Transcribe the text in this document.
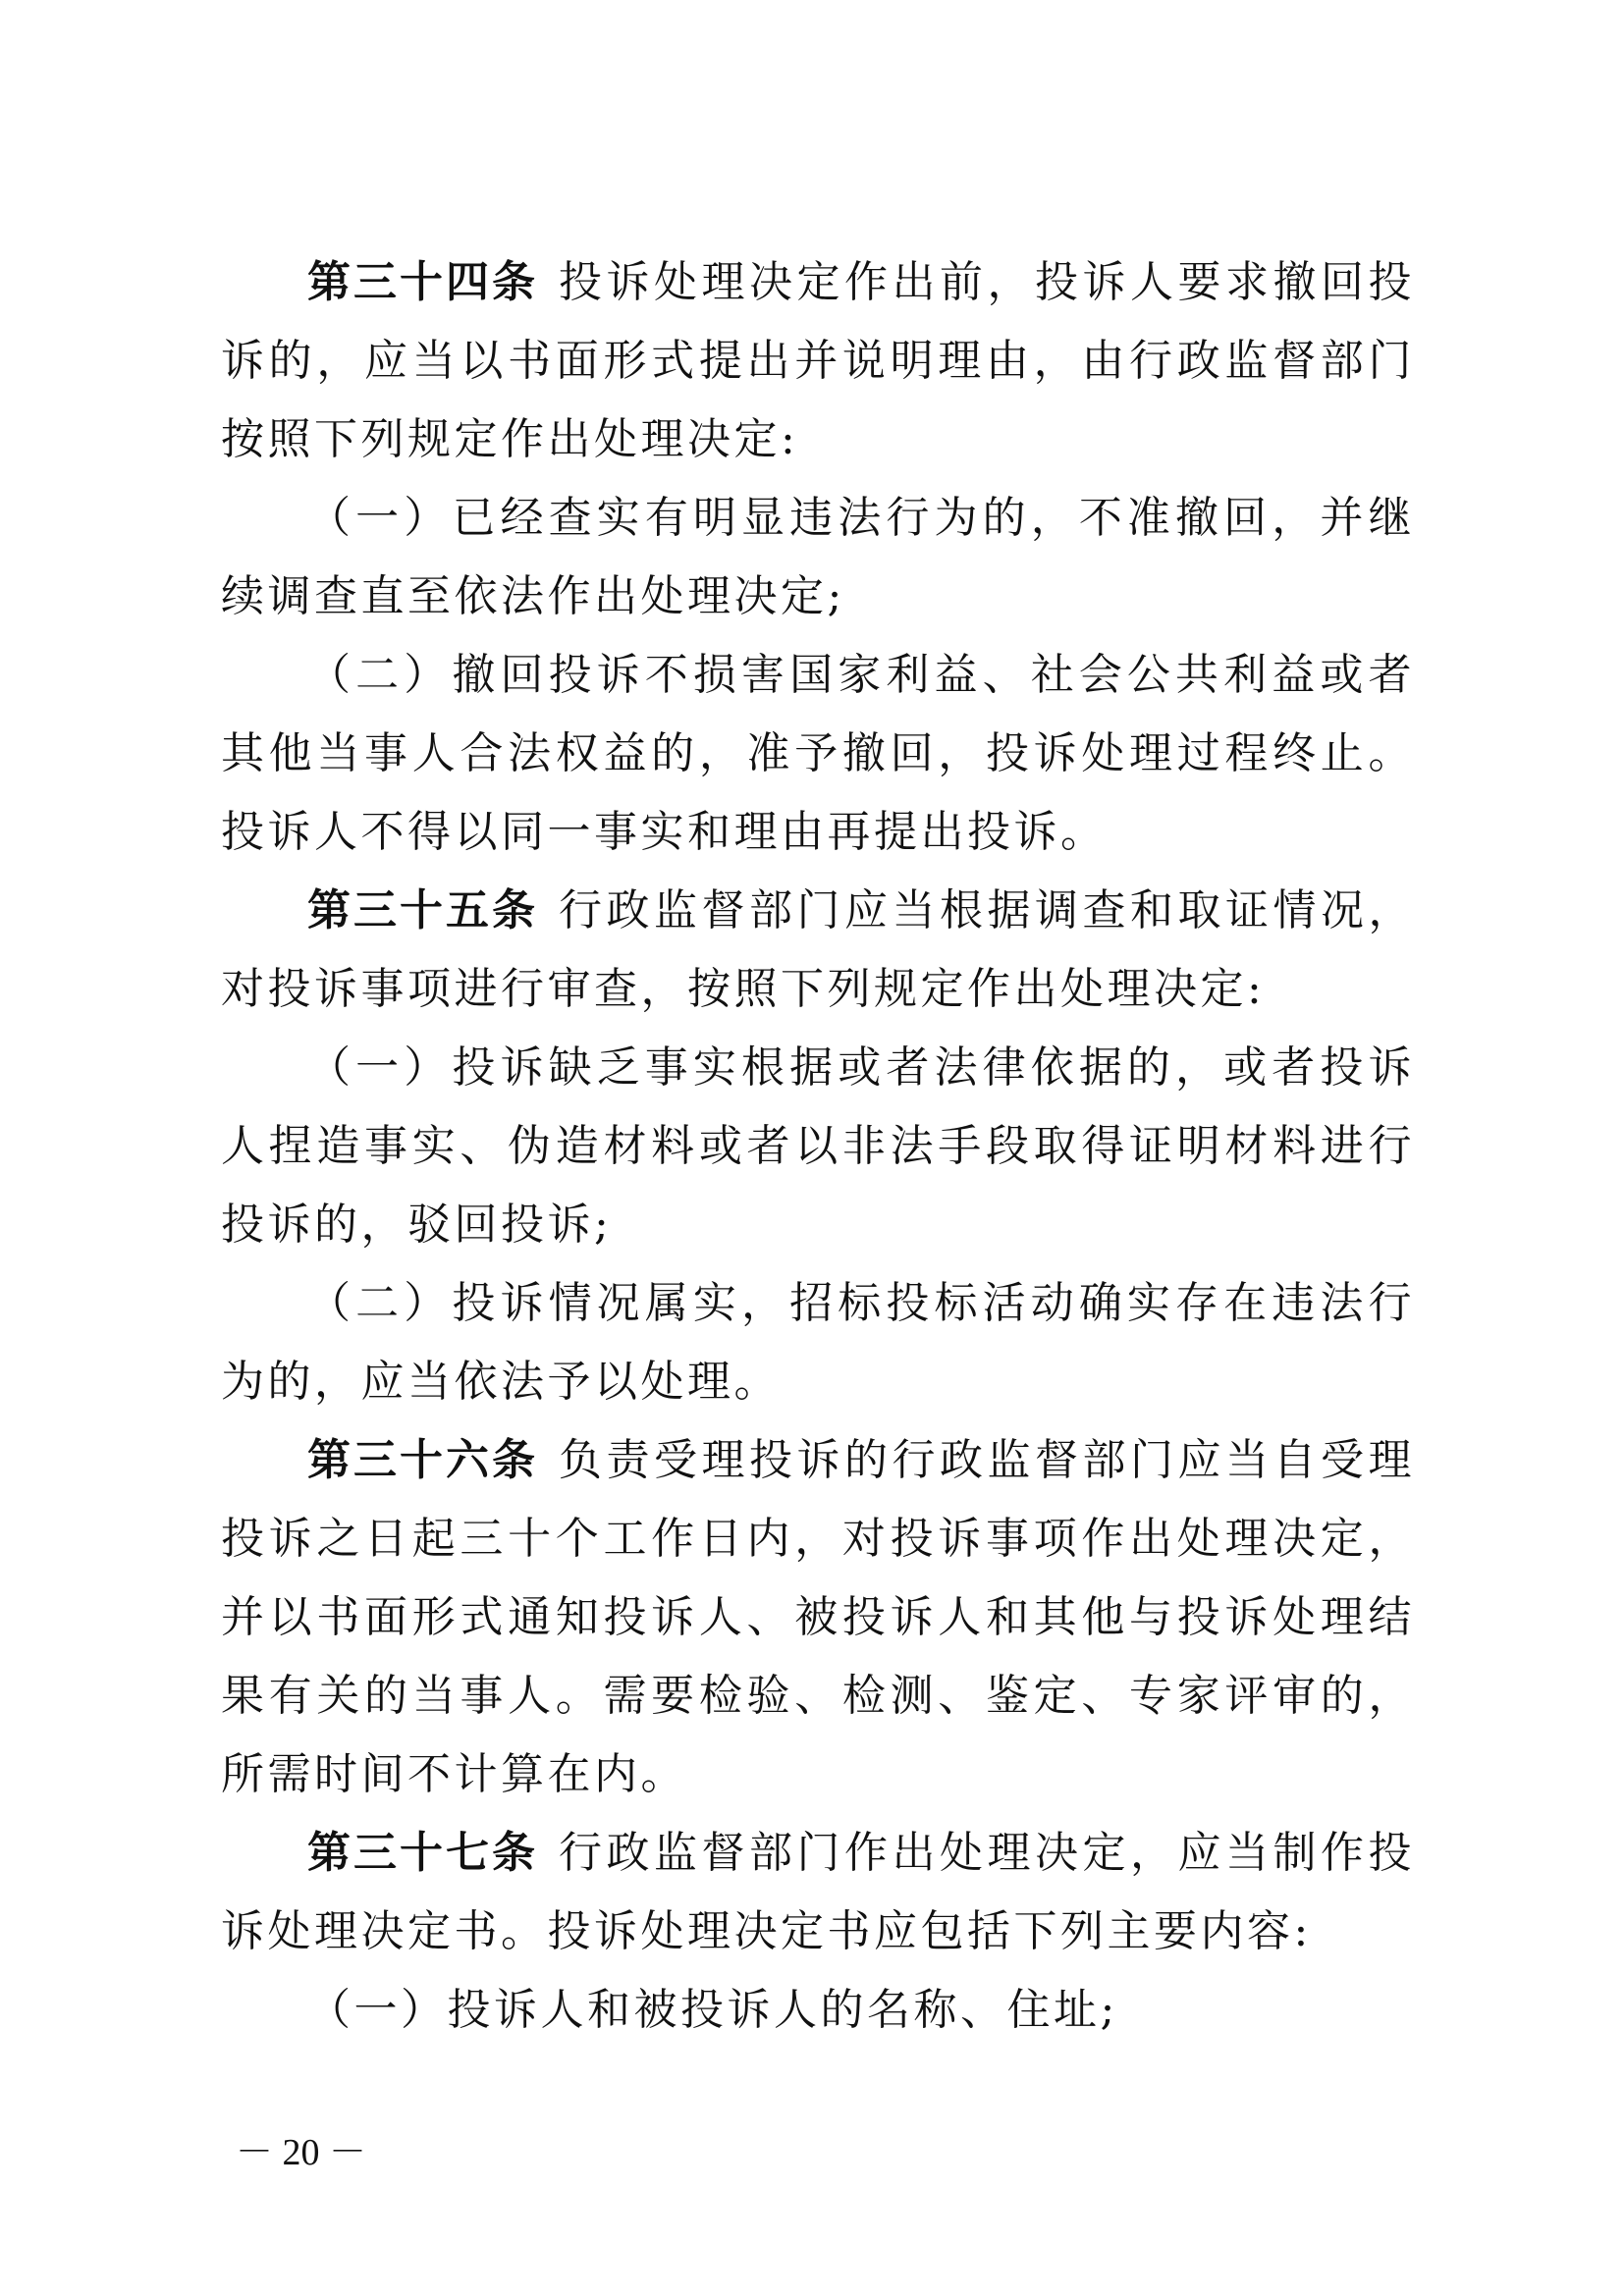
第三十四条 投诉处理决定作出前，投诉人要求撤回投诉的，应当以书面形式提出并说明理由，由行政监督部门按照下列规定作出处理决定:

（一）已经查实有明显违法行为的，不准撤回，并继续调查直至依法作出处理决定;

（二）撤回投诉不损害国家利益、社会公共利益或者其他当事人合法权益的，准予撤回，投诉处理过程终止。投诉人不得以同一事实和理由再提出投诉。

第三十五条 行政监督部门应当根据调查和取证情况，对投诉事项进行审查，按照下列规定作出处理决定:

（一）投诉缺乏事实根据或者法律依据的，或者投诉人捏造事实、伪造材料或者以非法手段取得证明材料进行投诉的，驳回投诉;

（二）投诉情况属实，招标投标活动确实存在违法行为的，应当依法予以处理。

第三十六条 负责受理投诉的行政监督部门应当自受理投诉之日起三十个工作日内，对投诉事项作出处理决定，并以书面形式通知投诉人、被投诉人和其他与投诉处理结果有关的当事人。需要检验、检测、鉴定、专家评审的，所需时间不计算在内。

第三十七条 行政监督部门作出处理决定，应当制作投诉处理决定书。投诉处理决定书应包括下列主要内容:

（一）投诉人和被投诉人的名称、住址;

－ 20 －
